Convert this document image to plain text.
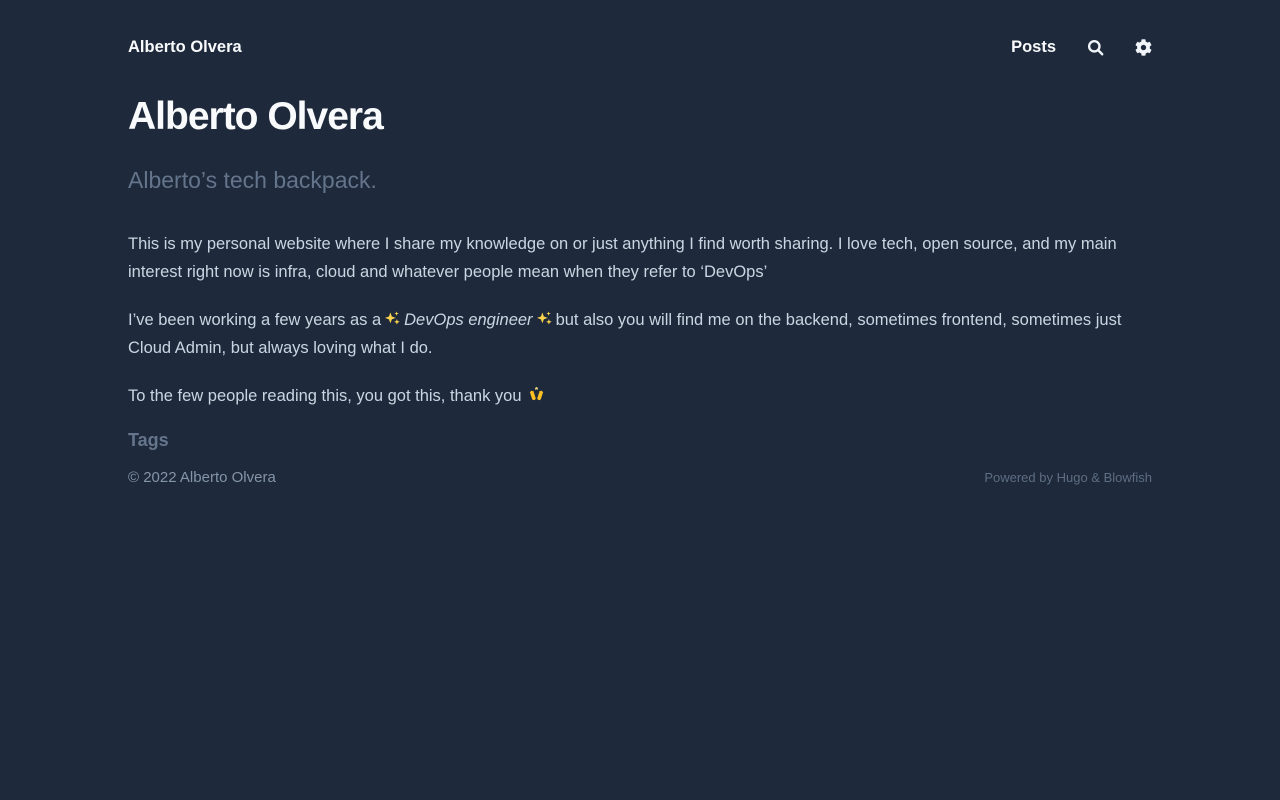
Alberto Olvera	Posts
Alberto Olvera
Alberto’s tech backpack.

This is my personal website where I share my knowledge on or just anything I find worth sharing. I love tech, open source, and my main interest right now is infra, cloud and whatever people mean when they refer to ‘DevOps’

I’ve been working a few years as a DevOps engineer but also you will find me on the backend, sometimes frontend, sometimes just Cloud Admin, but always loving what I do.

To the few people reading this, you got this, thank you

Tags
© 2022 Alberto Olvera	Powered by Hugo & Blowfish
